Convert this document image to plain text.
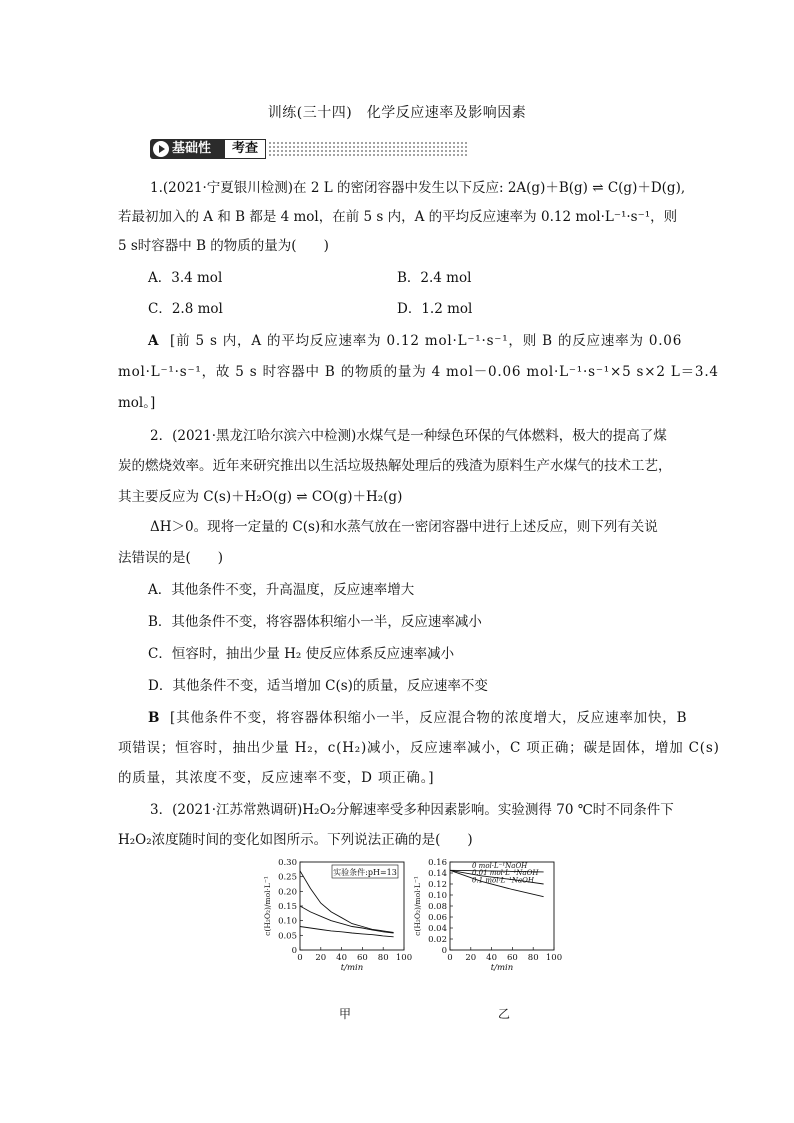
训练(三十四)　化学反应速率及影响因素
基础性	考查
1.(2021·宁夏银川检测)在 2 L 的密闭容器中发生以下反应: 2A(g)＋B(g) ⇌ C(g)＋D(g),
若最初加入的 A 和 B 都是 4 mol，在前 5 s 内，A 的平均反应速率为 0.12 mol·L⁻¹·s⁻¹，则
5 s时容器中 B 的物质的量为(　　)
A．3.4 mol	B．2.4 mol
C．2.8 mol	D．1.2 mol
A [前 5 s 内，A 的平均反应速率为 0.12 mol·L⁻¹·s⁻¹，则 B 的反应速率为 0.06
mol·L⁻¹·s⁻¹，故 5 s 时容器中 B 的物质的量为 4 mol－0.06 mol·L⁻¹·s⁻¹×5 s×2 L＝3.4
mol。]
2．(2021·黑龙江哈尔滨六中检测)水煤气是一种绿色环保的气体燃料，极大的提高了煤
炭的燃烧效率。近年来研究推出以生活垃圾热解处理后的残渣为原料生产水煤气的技术工艺，
其主要反应为 C(s)＋H₂O(g) ⇌ CO(g)＋H₂(g)
ΔH＞0。现将一定量的 C(s)和水蒸气放在一密闭容器中进行上述反应，则下列有关说
法错误的是(　　)
A．其他条件不变，升高温度，反应速率增大
B．其他条件不变，将容器体积缩小一半，反应速率减小
C．恒容时，抽出少量 H₂ 使反应体系反应速率减小
D．其他条件不变，适当增加 C(s)的质量，反应速率不变
B [其他条件不变，将容器体积缩小一半，反应混合物的浓度增大，反应速率加快，B
项错误；恒容时，抽出少量 H₂，c(H₂)减小，反应速率减小，C 项正确；碳是固体，增加 C(s)
的质量，其浓度不变，反应速率不变，D 项正确。]
3．(2021·江苏常熟调研)H₂O₂分解速率受多种因素影响。实验测得 70 ℃时不同条件下
H₂O₂浓度随时间的变化如图所示。下列说法正确的是(　　)
0
0.05
0.10
0.15
0.20
0.25
0.30
0 20 40 60 80 100
t/min
c(H₂O₂)/mol·L⁻¹
实验条件:pH=13
甲
0
0.02
0.04
0.06
0.08
0.10
0.12
0.14
0.16
0 20 40 60 80 100
t/min
c(H₂O₂)/mol·L⁻¹
0 mol·L⁻¹NaOH
0.01 mol·L⁻¹NaOH
0.1 mol·L⁻¹NaOH
乙
